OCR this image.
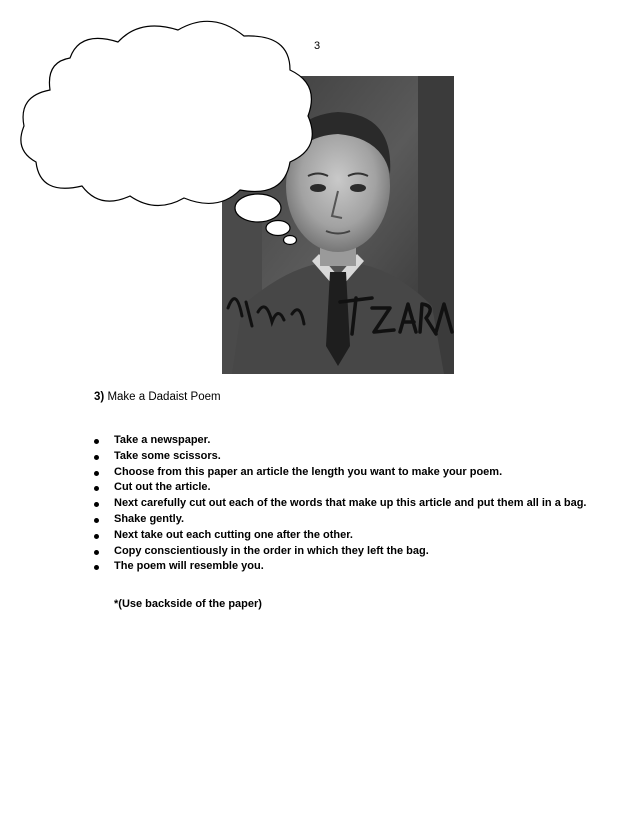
3
3) Make a Dadaist Poem
Take a newspaper.
Take some scissors.
Choose from this paper an article the length you want to make your poem.
Cut out the article.
Next carefully cut out each of the words that make up this article and put them all in a bag.
Shake gently.
Next take out each cutting one after the other.
Copy conscientiously in the order in which they left the bag.
The poem will resemble you.
*(Use backside of the paper)
